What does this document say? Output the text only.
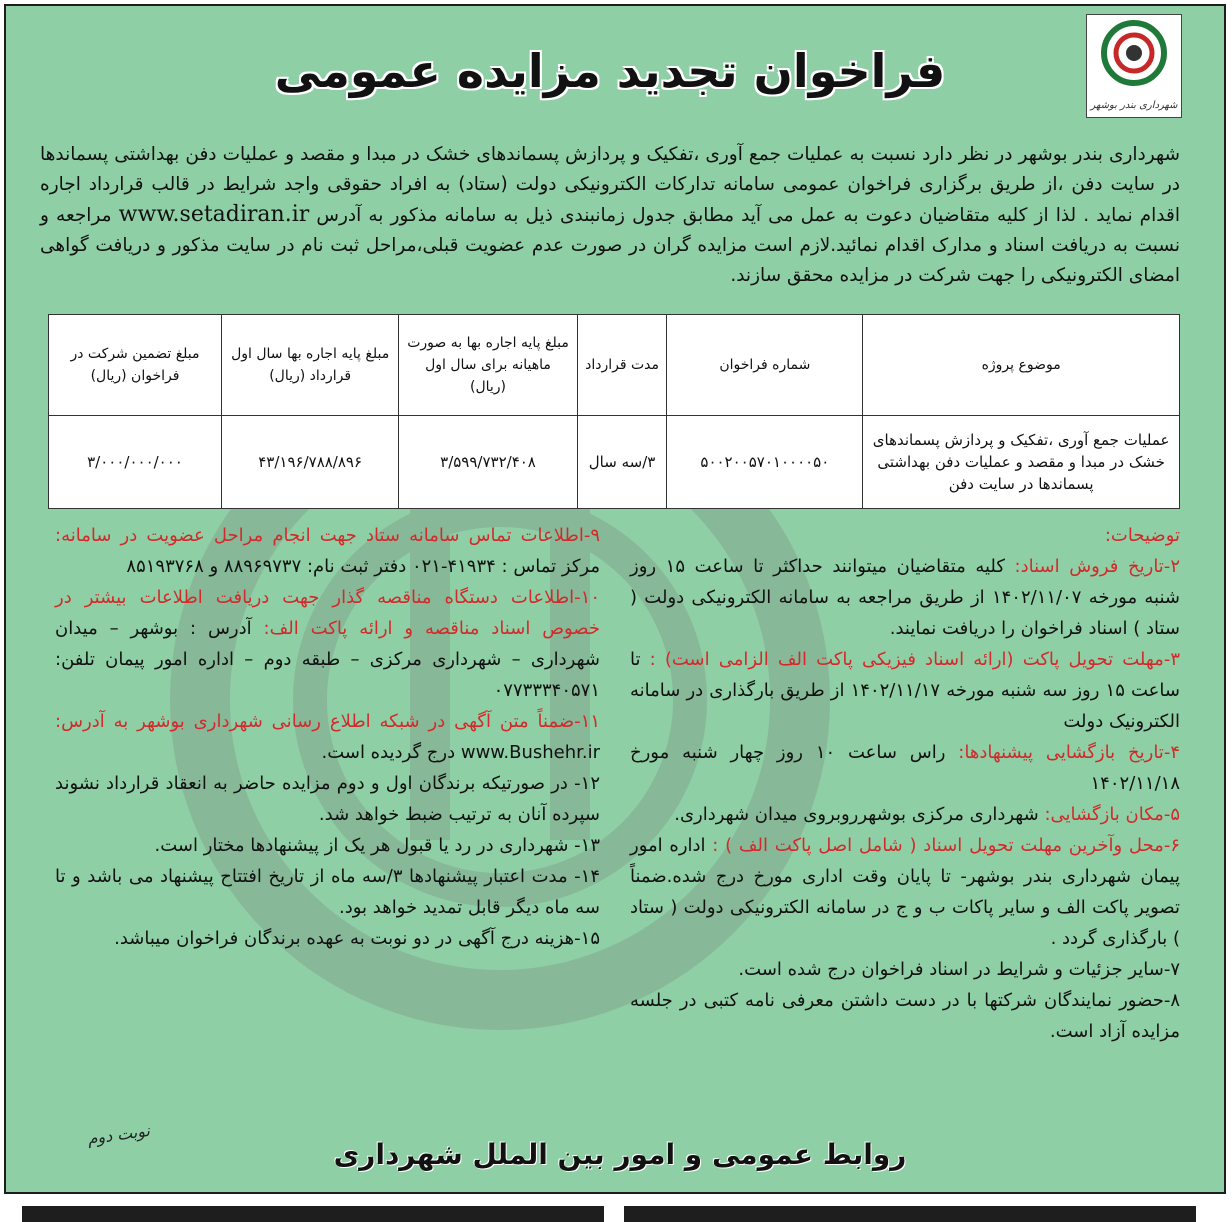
شهرداری بندر بوشهر
فراخوان تجدید مزایده عمومی
شهرداری بندر بوشهر در نظر دارد نسبت به عملیات جمع آوری ،تفکیک و پردازش پسماندهای خشک در مبدا و مقصد و عملیات دفن بهداشتی پسماندها در سایت دفن ،از طریق برگزاری فراخوان عمومی سامانه تدارکات الکترونیکی دولت (ستاد) به افراد حقوقی واجد شرایط در قالب قرارداد اجاره اقدام نماید . لذا از کلیه متقاضیان دعوت به عمل می آید مطابق جدول زمانبندی ذیل به سامانه مذکور به آدرس www.setadiran.ir مراجعه و نسبت به دریافت اسناد و مدارک اقدام نمائید.لازم است مزایده گران در صورت عدم عضویت قبلی،مراحل ثبت نام در سایت مذکور و دریافت گواهی امضای الکترونیکی را جهت شرکت در مزایده محقق سازند.
موضوع پروژه	شماره فراخوان	مدت قرارداد	مبلغ پایه اجاره بها به صورت ماهیانه برای سال اول (ریال)	مبلغ پایه اجاره بها سال اول قرارداد (ریال)	مبلغ تضمین شرکت در فراخوان (ریال)
عملیات جمع آوری ،تفکیک و پردازش پسماندهای خشک در مبدا و مقصد و عملیات دفن بهداشتی پسماندها در سایت دفن	۵۰۰۲۰۰۵۷۰۱۰۰۰۰۵۰	۳/سه سال	۳/۵۹۹/۷۳۲/۴۰۸	۴۳/۱۹۶/۷۸۸/۸۹۶	۳/۰۰۰/۰۰۰/۰۰۰

توضیحات:

۲-تاریخ فروش اسناد: کلیه متقاضیان میتوانند حداکثر تا ساعت ۱۵ روز شنبه مورخه ۱۴۰۲/۱۱/۰۷ از طریق مراجعه به سامانه الکترونیکی دولت ( ستاد ) اسناد فراخوان را دریافت نمایند.

۳-مهلت تحویل پاکت (ارائه اسناد فیزیکی پاکت الف الزامی است) : تا ساعت ۱۵ روز سه شنبه مورخه ۱۴۰۲/۱۱/۱۷ از طریق بارگذاری در سامانه الکترونیک دولت

۴-تاریخ بازگشایی پیشنهادها: راس ساعت ۱۰ روز چهار شنبه مورخ ۱۴۰۲/۱۱/۱۸

۵-مکان بازگشایی: شهرداری مرکزی بوشهرروبروی میدان شهرداری.

۶-محل وآخرین مهلت تحویل اسناد ( شامل اصل پاکت الف ) : اداره امور پیمان شهرداری بندر بوشهر- تا پایان وقت اداری مورخ درج شده.ضمناً تصویر پاکت الف و سایر پاکات ب و ج در سامانه الکترونیکی دولت ( ستاد ) بارگذاری گردد .

۷-سایر جزئیات و شرایط در اسناد فراخوان درج شده است.

۸-حضور نمایندگان شرکتها با در دست داشتن معرفی نامه کتبی در جلسه مزایده آزاد است.

۹-اطلاعات تماس سامانه ستاد جهت انجام مراحل عضویت در سامانه: مرکز تماس : ۴۱۹۳۴-۰۲۱ دفتر ثبت نام: ۸۸۹۶۹۷۳۷ و ۸۵۱۹۳۷۶۸

۱۰-اطلاعات دستگاه مناقصه گذار جهت دریافت اطلاعات بیشتر در خصوص اسناد مناقصه و ارائه پاکت الف: آدرس : بوشهر – میدان شهرداری – شهرداری مرکزی – طبقه دوم – اداره امور پیمان تلفن: ۰۷۷۳۳۳۴۰۵۷۱

۱۱-ضمناً متن آگهی در شبکه اطلاع رسانی شهرداری بوشهر به آدرس: www.Bushehr.ir درج گردیده است.

۱۲- در صورتیکه برندگان اول و دوم مزایده حاضر به انعقاد قرارداد نشوند سپرده آنان به ترتیب ضبط خواهد شد.

۱۳- شهرداری در رد یا قبول هر یک از پیشنهادها مختار است.

۱۴- مدت اعتبار پیشنهادها ۳/سه ماه از تاریخ افتتاح پیشنهاد می باشد و تا سه ماه دیگر قابل تمدید خواهد بود.

۱۵-هزینه درج آگهی در دو نوبت به عهده برندگان فراخوان میباشد.

نوبت دوم
روابط عمومی و امور بین الملل شهرداری
